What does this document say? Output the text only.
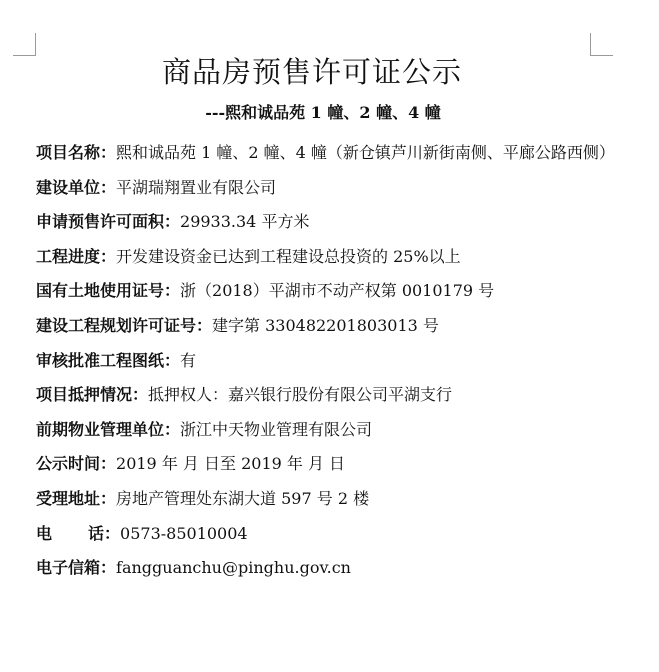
商品房预售许可证公示
---熙和诚品苑 1 幢、2 幢、4 幢
项目名称：熙和诚品苑 1 幢、2 幢、4 幢（新仓镇芦川新街南侧、平廊公路西侧）
建设单位：平湖瑞翔置业有限公司
申请预售许可面积：29933.34 平方米
工程进度：开发建设资金已达到工程建设总投资的 25%以上
国有土地使用证号：浙（2018）平湖市不动产权第 0010179 号
建设工程规划许可证号：建字第 330482201803013 号
审核批准工程图纸：有
项目抵押情况：抵押权人：嘉兴银行股份有限公司平湖支行
前期物业管理单位：浙江中天物业管理有限公司
公示时间：2019 年 月 日至 2019 年 月 日
受理地址：房地产管理处东湖大道 597 号 2 楼
电 话：0573-85010004
电子信箱：fangguanchu@pinghu.gov.cn
